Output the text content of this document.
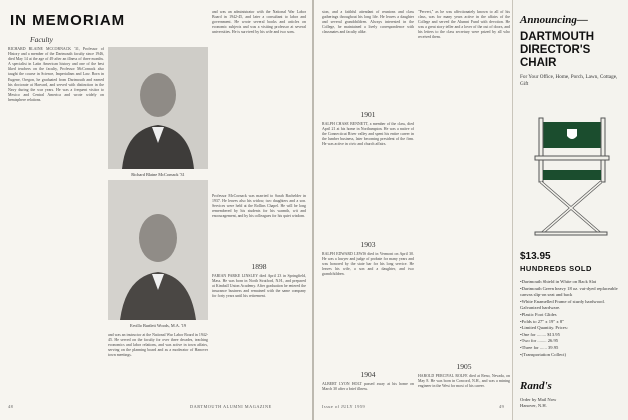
IN MEMORIAM
Faculty
RICHARD BLAINE MCCORNACK '31, Professor of History and a member of the Dartmouth faculty since 1946, died May 14 at the age of 49 after an illness of three months. A specialist in Latin American history and one of the best liked teachers on the faculty, Professor McCornack also taught the course in Science, Imperialism and Law. Born in Eugene, Oregon, he graduated from Dartmouth and earned his doctorate at Harvard, and served with distinction in the Navy during the war years. He was a frequent visitor to Mexico and Central America and wrote widely on hemisphere relations.
Richard Blaine McCornack '31
and was an administrator with the National War Labor Board in 1942-45, and later a consultant to labor and government. He wrote several books and articles on economic subjects and was a visiting professor at several universities. He is survived by his wife and two sons.
Ervillo Bartlett Woods, M.A. '19
Professor McCornack was married to Sarah Bachelder in 1937. He leaves also his widow, two daughters and a son. Services were held at the Rollins Chapel. He will be long remembered by his students for his warmth, wit and encouragement, and by his colleagues for his quiet wisdom.
and was an instructor at the National War Labor Board in 1942-45. He served on the faculty for over three decades, teaching economics and labor relations, and was active in town affairs, serving on the planning board and as a moderator of Hanover town meetings.
1898
FABIAN PARKE LINSLEY died April 23 in Springfield, Mass. He was born in North Stratford, N.H., and prepared at Kimball Union Academy. After graduation he entered the insurance business and remained with the same company for forty years until his retirement.
48	DARTMOUTH ALUMNI MAGAZINE
sion, and a faithful attendant of reunions and class gatherings throughout his long life. He leaves a daughter and several grandchildren. Always interested in the College, he maintained a lively correspondence with classmates and faculty alike.
1901
RALPH CHASE BENNETT, a member of the class, died April 21 at his home in Northampton. He was a native of the Connecticut River valley and spent his entire career in the lumber business, later becoming president of the firm. He was active in civic and church affairs.
1903
RALPH EDWARD LEWIS died in Vermont on April 30. He was a lawyer and judge of probate for many years and was honored by the state bar for his long service. He leaves his wife, a son and a daughter, and two grandchildren.
1904
ALBERT LYON HOLT passed away at his home on March 30 after a brief illness.
"Pervert," as he was affectionately known to all of his class, was for many years active in the affairs of the College and served the Alumni Fund with devotion. He was a great story teller and a lover of the out of doors, and his letters to the class secretary were prized by all who received them.
1905
HAROLD PERCIVAL ROLFE died at Reno, Nevada, on May 8. He was born in Concord, N.H., and was a mining engineer in the West for most of his career.
Issue of JULY 1959	49
Announcing—
DARTMOUTH DIRECTOR'S CHAIR
For Your Office, Home, Porch, Lawn, Cottage, Gift
$13.95
HUNDREDS SOLD
• Dartmouth Shield in White on Back Slat
• Dartmouth Green heavy 18 oz. vat-dyed replaceable canvas slip-on seat and back
• White Enamelled Frame of sturdy hardwood. Galvanized hardware.
• Plastic Foot Glides
• Folds to 27" x 19" x 8"
• Limited Quantity. Prices:
• One for ........ $13.95
• Two for ........ 26.95
• Three for ...... 39.95
• (Transportation Collect)
Rand's
Order by Mail Now
Hanover, N.H.
